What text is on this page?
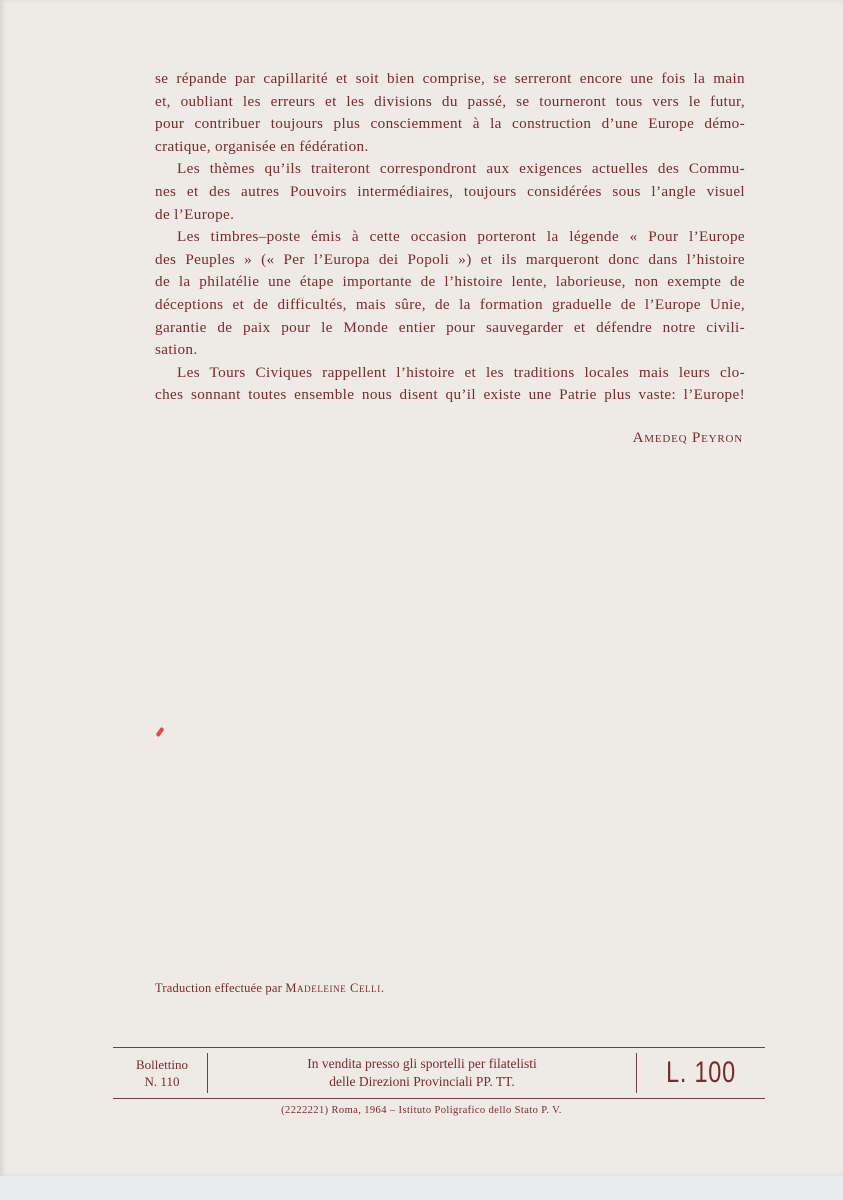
se répande par capillarité et soit bien comprise, se serreront encore une fois la main
et, oubliant les erreurs et les divisions du passé, se tourneront tous vers le futur,
pour contribuer toujours plus consciemment à la construction d’une Europe démo-
cratique, organisée en fédération.

Les thèmes qu’ils traiteront correspondront aux exigences actuelles des Commu-
nes et des autres Pouvoirs intermédiaires, toujours considérées sous l’angle visuel
de l’Europe.

Les timbres–poste émis à cette occasion porteront la légende « Pour l’Europe
des Peuples » (« Per l’Europa dei Popoli ») et ils marqueront donc dans l’histoire
de la philatélie une étape importante de l’histoire lente, laborieuse, non exempte de
déceptions et de difficultés, mais sûre, de la formation graduelle de l’Europe Unie,
garantie de paix pour le Monde entier pour sauvegarder et défendre notre civili-
sation.

Les Tours Civiques rappellent l’histoire et les traditions locales mais leurs clo-
ches sonnant toutes ensemble nous disent qu’il existe une Patrie plus vaste: l’Europe!

Amedeq Peyron
Traduction effectuée par Madeleine Celli.
Bollettino
N. 110
In vendita presso gli sportelli per filatelisti
delle Direzioni Provinciali PP. TT.	L. 100
(2222221) Roma, 1964 – Istituto Poligrafico dello Stato P. V.
